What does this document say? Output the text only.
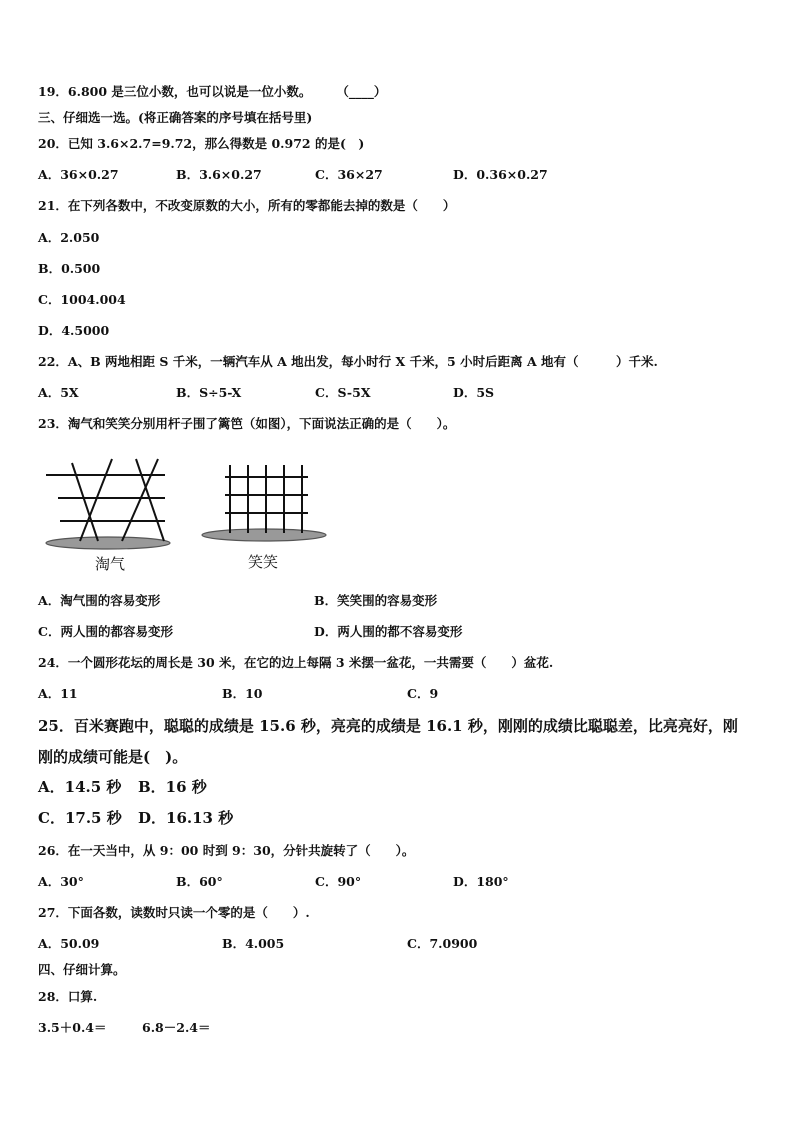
19．6.800 是三位小数，也可以说是一位小数。　　　（____）
三、仔细选一选。(将正确答案的序号填在括号里)
20．已知 3.6×2.7=9.72，那么得数是 0.972 的是(　)
A．36×0.27	B．3.6×0.27	C．36×27	D．0.36×0.27
21．在下列各数中，不改变原数的大小，所有的零都能去掉的数是（　　）
A．2.050
B．0.500
C．1004.004
D．4.5000
22．A、B 两地相距 S 千米，一辆汽车从 A 地出发，每小时行 X 千米，5 小时后距离 A 地有（　　　）千米.
A．5X	B．S÷5-X	C．S-5X	D．5S
23．淘气和笑笑分别用杆子围了篱笆（如图），下面说法正确的是（　　）。
淘气	笑笑
A．淘气围的容易变形	B．笑笑围的容易变形
C．两人围的都容易变形	D．两人围的都不容易变形
24．一个圆形花坛的周长是 30 米，在它的边上每隔 3 米摆一盆花，一共需要（　　）盆花.
A．11	B．10	C．9
25．百米赛跑中，聪聪的成绩是 15.6 秒，亮亮的成绩是 16.1 秒，刚刚的成绩比聪聪差，比亮亮好，刚
刚的成绩可能是(　)。
A．14.5 秒 B．16 秒
C．17.5 秒 D．16.13 秒
26．在一天当中，从 9：00 时到 9：30，分针共旋转了（　　）。
A．30°	B．60°	C．90°	D．180°
27．下面各数，读数时只读一个零的是（　　）.
A．50.09	B．4.005	C．7.0900
四、仔细计算。
28．口算.
3.5＋0.4＝	6.8－2.4＝
